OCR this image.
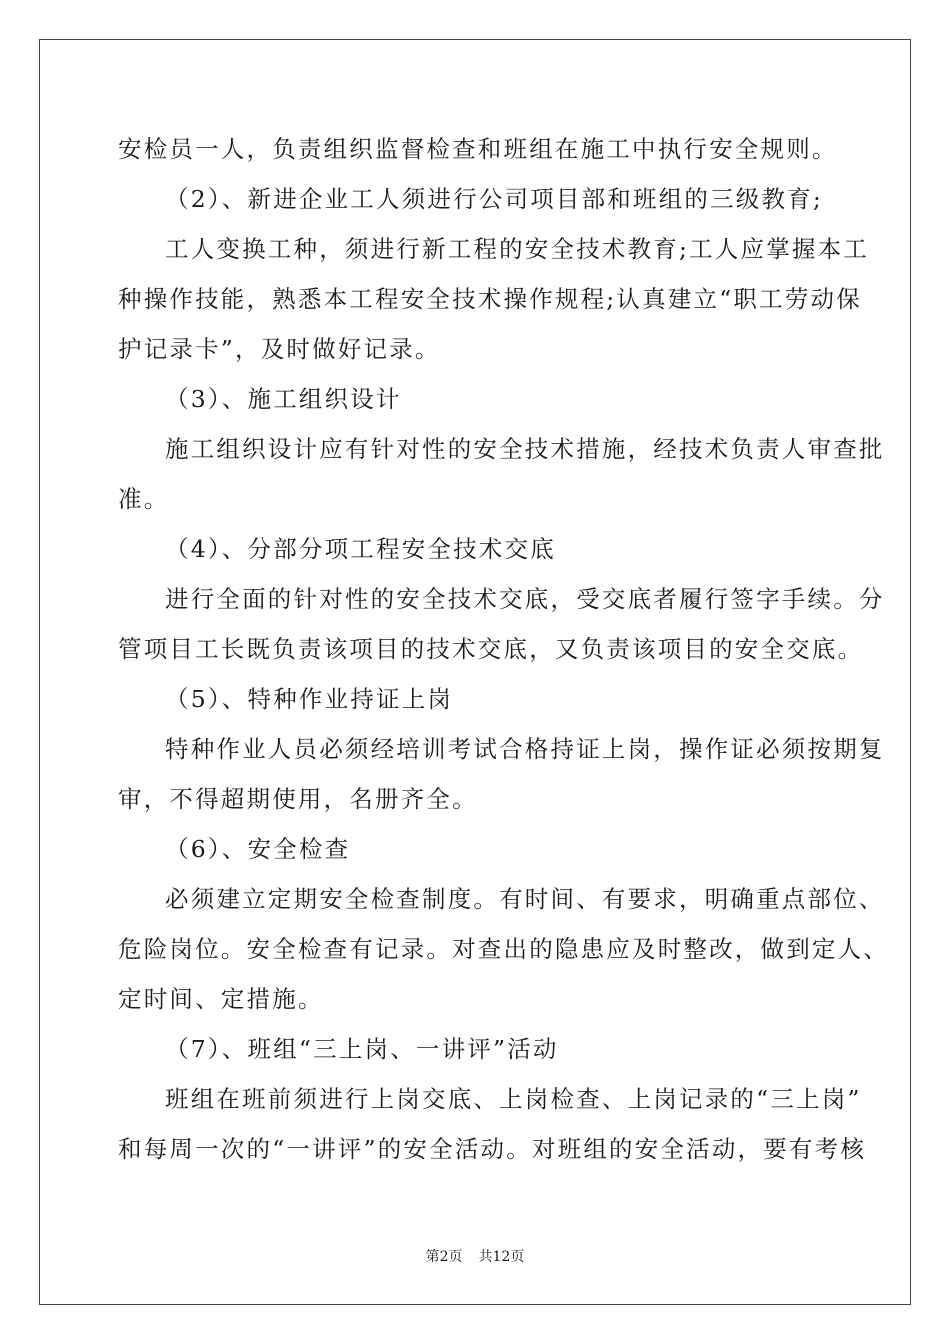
安检员一人，负责组织监督检查和班组在施工中执行安全规则。
（2）、新进企业工人须进行公司项目部和班组的三级教育;
工人变换工种，须进行新工程的安全技术教育;工人应掌握本工
种操作技能，熟悉本工程安全技术操作规程;认真建立“职工劳动保
护记录卡”，及时做好记录。
（3）、施工组织设计
施工组织设计应有针对性的安全技术措施，经技术负责人审查批
准。
（4）、分部分项工程安全技术交底
进行全面的针对性的安全技术交底，受交底者履行签字手续。分
管项目工长既负责该项目的技术交底，又负责该项目的安全交底。
（5）、特种作业持证上岗
特种作业人员必须经培训考试合格持证上岗，操作证必须按期复
审，不得超期使用，名册齐全。
（6）、安全检查
必须建立定期安全检查制度。有时间、有要求，明确重点部位、
危险岗位。安全检查有记录。对查出的隐患应及时整改，做到定人、
定时间、定措施。
（7）、班组“三上岗、一讲评”活动
班组在班前须进行上岗交底、上岗检查、上岗记录的“三上岗”
和每周一次的“一讲评”的安全活动。对班组的安全活动，要有考核
第2页 共12页
